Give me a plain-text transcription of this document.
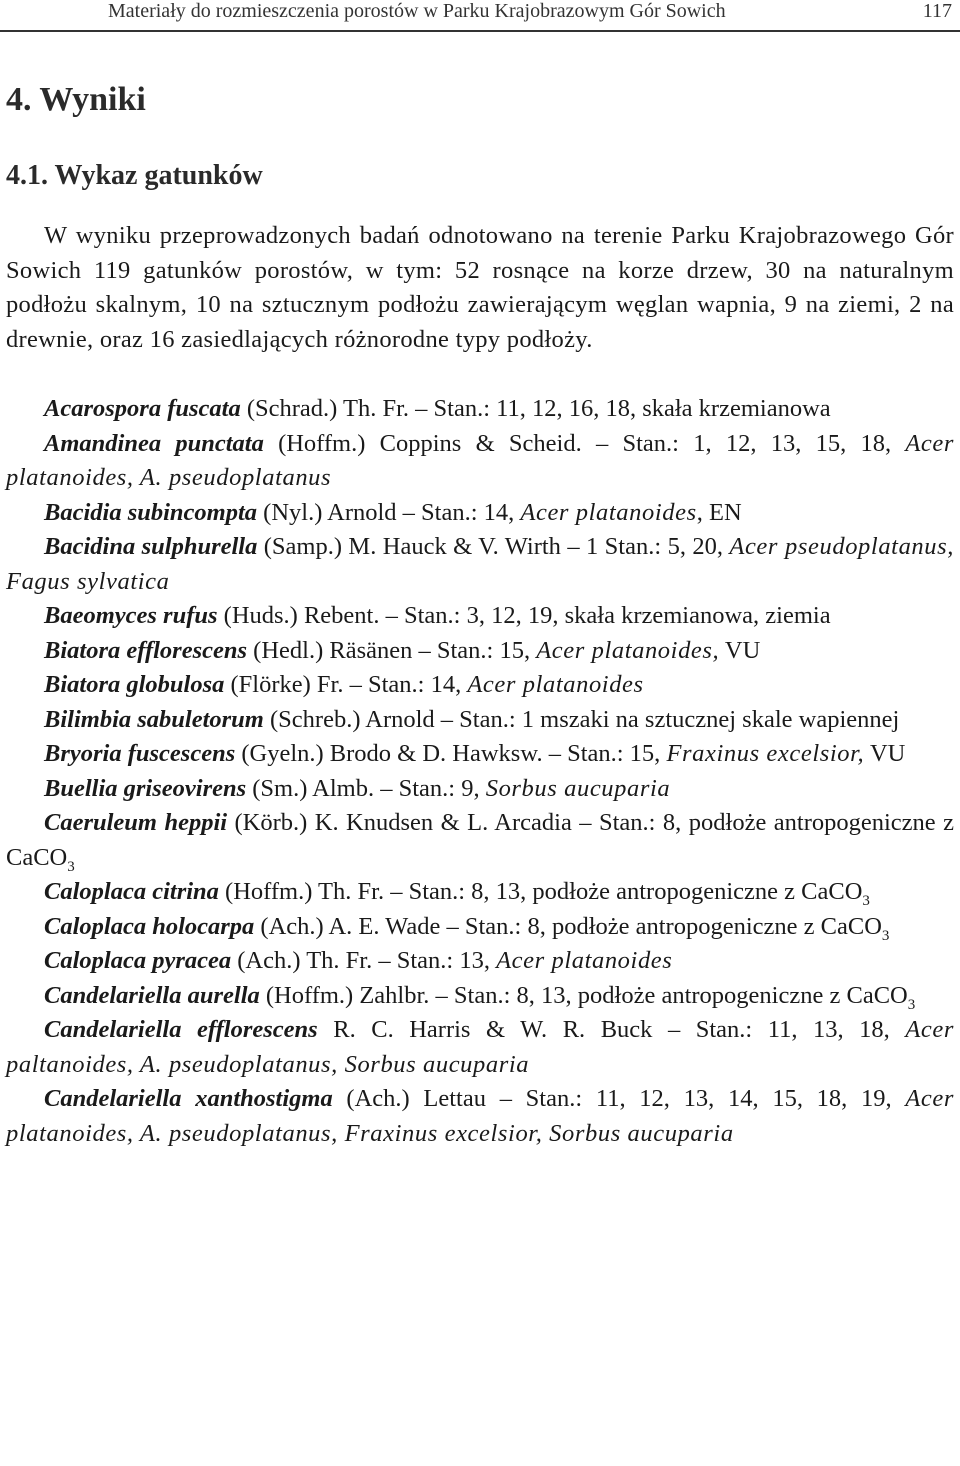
Materiały do rozmieszczenia porostów w Parku Krajobrazowym Gór Sowich	117
4. Wyniki
4.1. Wykaz gatunków

W wyniku przeprowadzonych badań odnotowano na terenie Parku Krajobrazowego Gór Sowich 119 gatunków porostów, w tym: 52 rosnące na korze drzew, 30 na naturalnym podłożu skalnym, 10 na sztucznym podłożu zawierającym węglan wapnia, 9 na ziemi, 2 na drewnie, oraz 16 zasiedlających różnorodne typy podłoży.

Acarospora fuscata (Schrad.) Th. Fr. – Stan.: 11, 12, 16, 18, skała krzemianowa
Amandinea punctata (Hoffm.) Coppins & Scheid. – Stan.: 1, 12, 13, 15, 18, Acer platanoides, A. pseudoplatanus
Bacidia subincompta (Nyl.) Arnold – Stan.: 14, Acer platanoides, EN
Bacidina sulphurella (Samp.) M. Hauck & V. Wirth – 1 Stan.: 5, 20, Acer pseudoplatanus, Fagus sylvatica
Baeomyces rufus (Huds.) Rebent. – Stan.: 3, 12, 19, skała krzemianowa, ziemia
Biatora efflorescens (Hedl.) Räsänen – Stan.: 15, Acer platanoides, VU
Biatora globulosa (Flörke) Fr. – Stan.: 14, Acer platanoides
Bilimbia sabuletorum (Schreb.) Arnold – Stan.: 1 mszaki na sztucznej skale wapiennej
Bryoria fuscescens (Gyeln.) Brodo & D. Hawksw. – Stan.: 15, Fraxinus excelsior, VU
Buellia griseovirens (Sm.) Almb. – Stan.: 9, Sorbus aucuparia
Caeruleum heppii (Körb.) K. Knudsen & L. Arcadia – Stan.: 8, podłoże antropogeniczne z CaCO$_3$
Caloplaca citrina (Hoffm.) Th. Fr. – Stan.: 8, 13, podłoże antropogeniczne z CaCO$_3$
Caloplaca holocarpa (Ach.) A. E. Wade – Stan.: 8, podłoże antropogeniczne z CaCO$_3$
Caloplaca pyracea (Ach.) Th. Fr. – Stan.: 13, Acer platanoides
Candelariella aurella (Hoffm.) Zahlbr. – Stan.: 8, 13, podłoże antropogeniczne z CaCO$_3$
Candelariella efflorescens R. C. Harris & W. R. Buck – Stan.: 11, 13, 18, Acer paltanoides, A. pseudoplatanus, Sorbus aucuparia
Candelariella xanthostigma (Ach.) Lettau – Stan.: 11, 12, 13, 14, 15, 18, 19, Acer platanoides, A. pseudoplatanus, Fraxinus excelsior, Sorbus aucuparia
